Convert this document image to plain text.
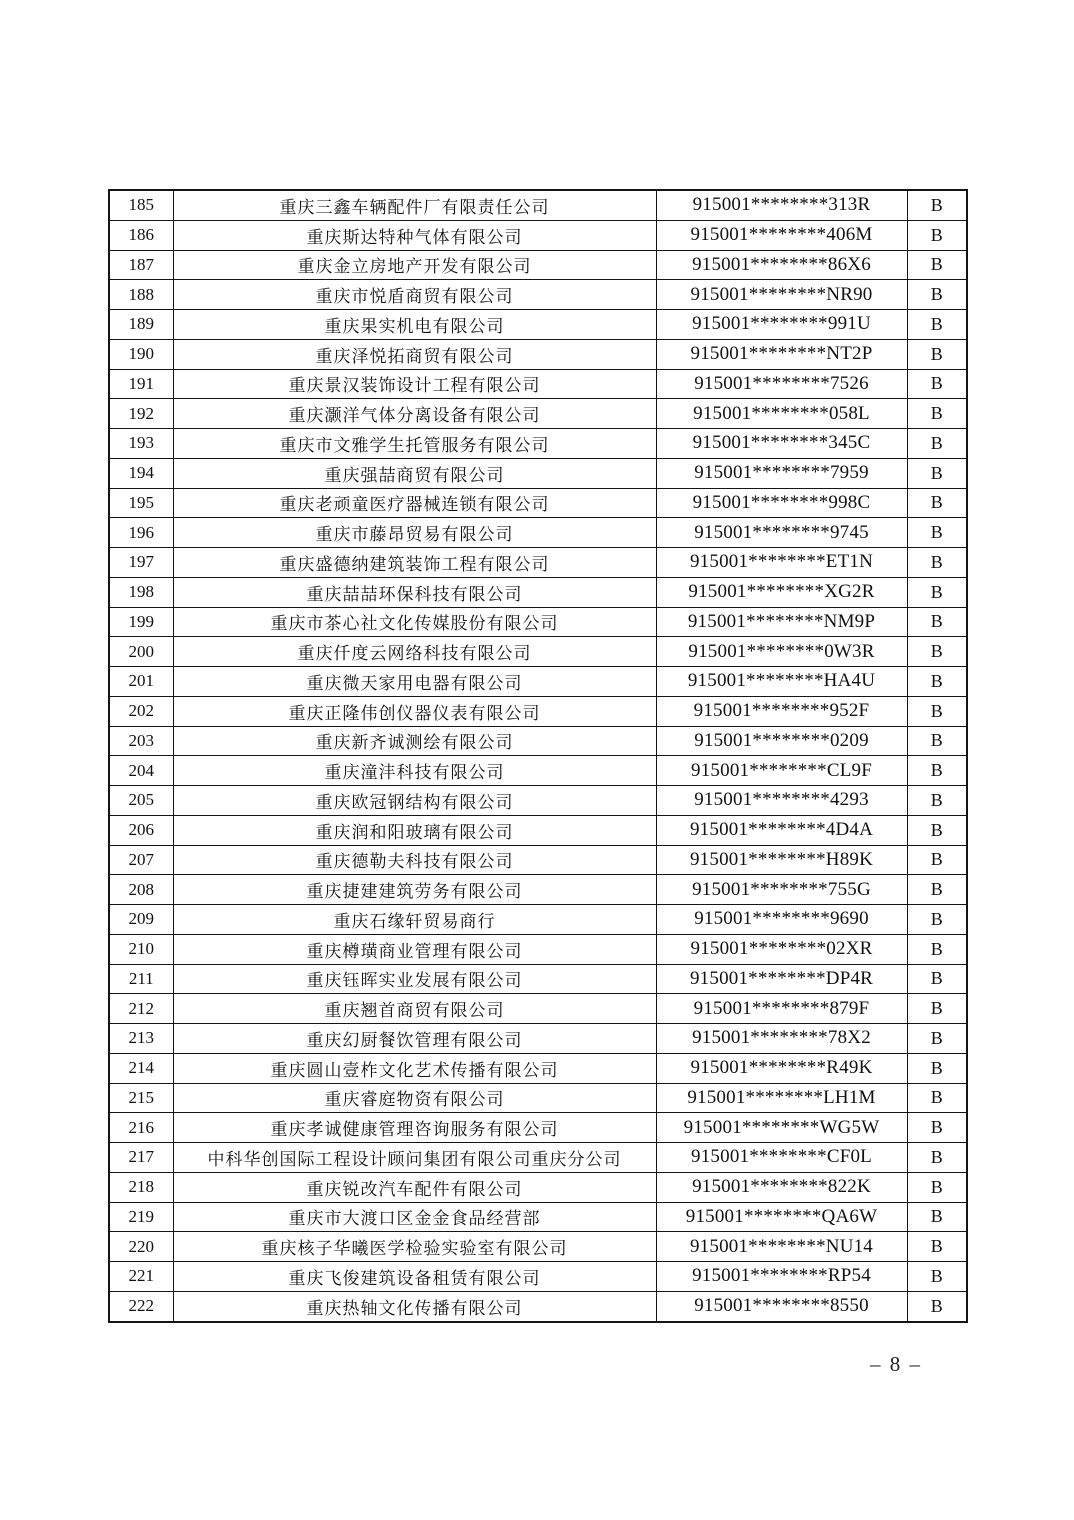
185	重庆三鑫车辆配件厂有限责任公司	915001********313R	B
186	重庆斯达特种气体有限公司	915001********406M	B
187	重庆金立房地产开发有限公司	915001********86X6	B
188	重庆市悦盾商贸有限公司	915001********NR90	B
189	重庆果实机电有限公司	915001********991U	B
190	重庆泽悦拓商贸有限公司	915001********NT2P	B
191	重庆景汉装饰设计工程有限公司	915001********7526	B
192	重庆灏洋气体分离设备有限公司	915001********058L	B
193	重庆市文雅学生托管服务有限公司	915001********345C	B
194	重庆强喆商贸有限公司	915001********7959	B
195	重庆老顽童医疗器械连锁有限公司	915001********998C	B
196	重庆市藤昂贸易有限公司	915001********9745	B
197	重庆盛德纳建筑装饰工程有限公司	915001********ET1N	B
198	重庆喆喆环保科技有限公司	915001********XG2R	B
199	重庆市茶心社文化传媒股份有限公司	915001********NM9P	B
200	重庆仟度云网络科技有限公司	915001********0W3R	B
201	重庆微天家用电器有限公司	915001********HA4U	B
202	重庆正隆伟创仪器仪表有限公司	915001********952F	B
203	重庆新齐诚测绘有限公司	915001********0209	B
204	重庆潼沣科技有限公司	915001********CL9F	B
205	重庆欧冠钢结构有限公司	915001********4293	B
206	重庆润和阳玻璃有限公司	915001********4D4A	B
207	重庆德勒夫科技有限公司	915001********H89K	B
208	重庆捷建建筑劳务有限公司	915001********755G	B
209	重庆石缘轩贸易商行	915001********9690	B
210	重庆樽璜商业管理有限公司	915001********02XR	B
211	重庆钰晖实业发展有限公司	915001********DP4R	B
212	重庆翘首商贸有限公司	915001********879F	B
213	重庆幻厨餐饮管理有限公司	915001********78X2	B
214	重庆圆山壹柞文化艺术传播有限公司	915001********R49K	B
215	重庆睿庭物资有限公司	915001********LH1M	B
216	重庆孝诚健康管理咨询服务有限公司	915001********WG5W	B
217	中科华创国际工程设计顾问集团有限公司重庆分公司	915001********CF0L	B
218	重庆锐改汽车配件有限公司	915001********822K	B
219	重庆市大渡口区金金食品经营部	915001********QA6W	B
220	重庆核子华曦医学检验实验室有限公司	915001********NU14	B
221	重庆飞俊建筑设备租赁有限公司	915001********RP54	B
222	重庆热轴文化传播有限公司	915001********8550	B
– 8 –
